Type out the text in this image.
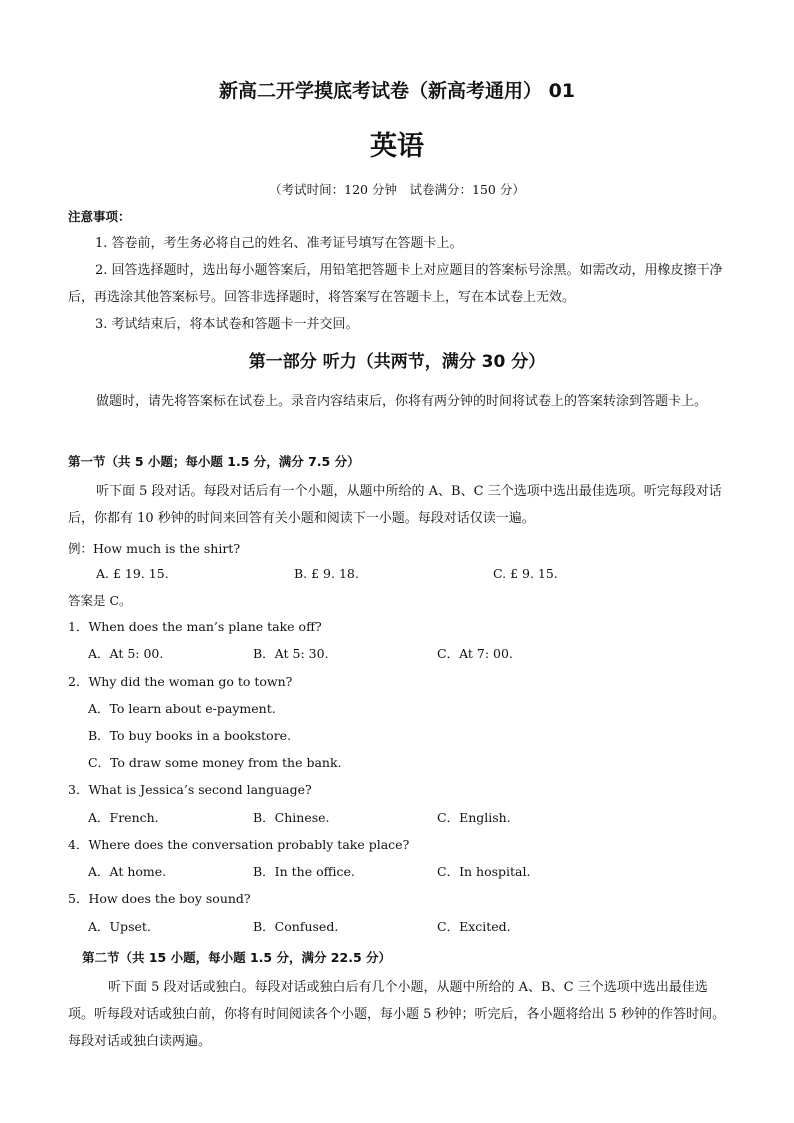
新高二开学摸底考试卷（新高考通用） 01
英语
（考试时间：120 分钟　试卷满分：150 分）
注意事项：
1. 答卷前，考生务必将自己的姓名、准考证号填写在答题卡上。
2. 回答选择题时，选出每小题答案后，用铅笔把答题卡上对应题目的答案标号涂黑。如需改动，用橡皮擦干净后，再选涂其他答案标号。回答非选择题时，将答案写在答题卡上，写在本试卷上无效。
3. 考试结束后，将本试卷和答题卡一并交回。
第一部分 听力（共两节，满分 30 分）
做题时，请先将答案标在试卷上。录音内容结束后，你将有两分钟的时间将试卷上的答案转涂到答题卡上。
第一节（共 5 小题；每小题 1.5 分，满分 7.5 分）
听下面 5 段对话。每段对话后有一个小题，从题中所给的 A、B、C 三个选项中选出最佳选项。听完每段对话后，你都有 10 秒钟的时间来回答有关小题和阅读下一小题。每段对话仅读一遍。
例：How much is the shirt?
A. £ 19. 15.	B. £ 9. 18.	C. £ 9. 15.
答案是 C。
1．When does the man’s plane take off?
A．At 5: 00.	B．At 5: 30.	C．At 7: 00.
2．Why did the woman go to town?
A．To learn about e-payment.
B．To buy books in a bookstore.
C．To draw some money from the bank.
3．What is Jessica’s second language?
A．French.	B．Chinese.	C．English.
4．Where does the conversation probably take place?
A．At home.	B．In the office.	C．In hospital.
5．How does the boy sound?
A．Upset.	B．Confused.	C．Excited.
第二节（共 15 小题，每小题 1.5 分，满分 22.5 分）
听下面 5 段对话或独白。每段对话或独白后有几个小题，从题中所给的 A、B、C 三个选项中选出最佳选项。听每段对话或独白前，你将有时间阅读各个小题，每小题 5 秒钟；听完后，各小题将给出 5 秒钟的作答时间。每段对话或独白读两遍。
